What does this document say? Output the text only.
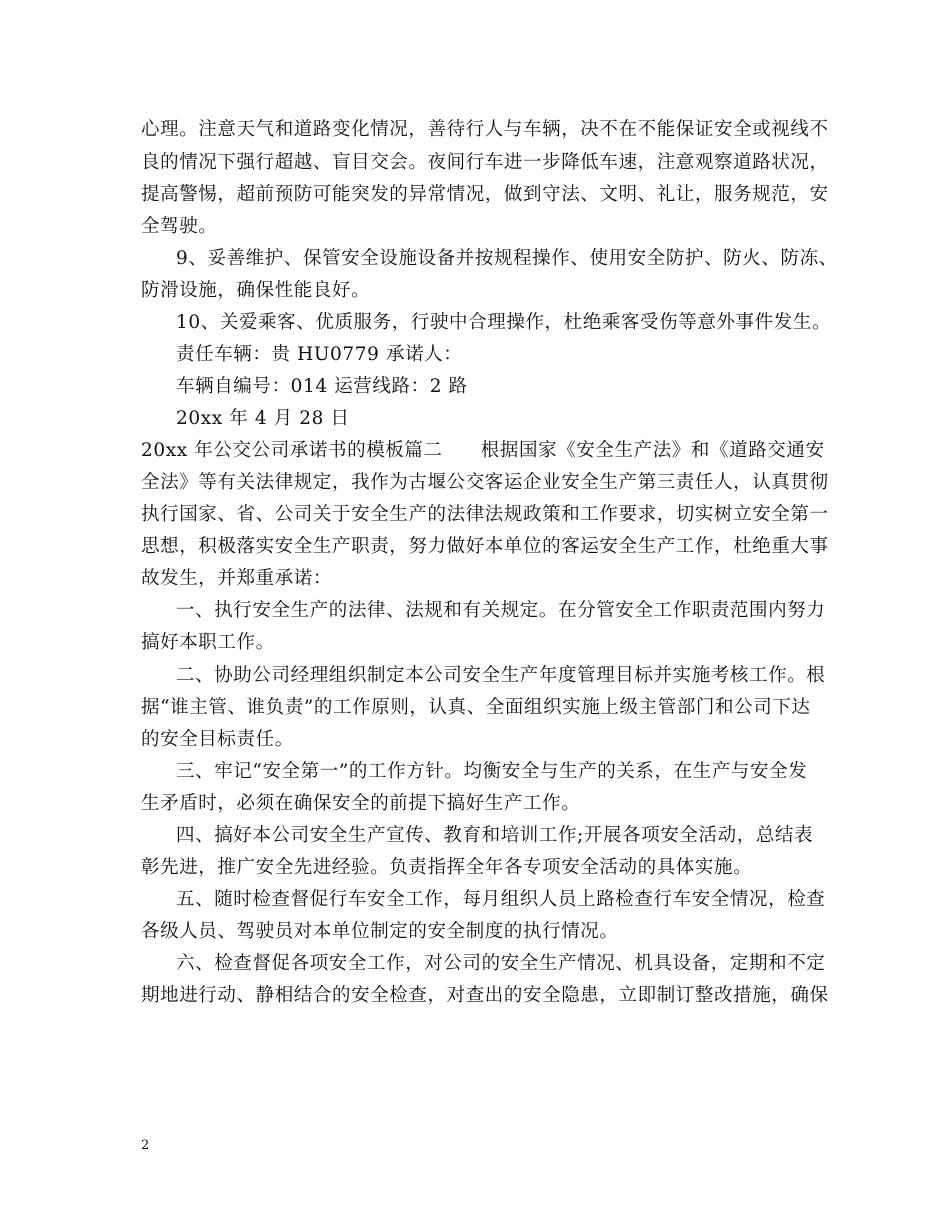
心理。注意天气和道路变化情况，善待行人与车辆，决不在不能保证安全或视线不
良的情况下强行超越、盲目交会。夜间行车进一步降低车速，注意观察道路状况，
提高警惕，超前预防可能突发的异常情况，做到守法、文明、礼让，服务规范，安
全驾驶。
9、妥善维护、保管安全设施设备并按规程操作、使用安全防护、防火、防冻、
防滑设施，确保性能良好。
10、关爱乘客、优质服务，行驶中合理操作，杜绝乘客受伤等意外事件发生。
责任车辆：贵 HU0779 承诺人：
车辆自编号：014 运营线路：2 路
20xx 年 4 月 28 日
20xx 年公交公司承诺书的模板篇二　　根据国家《安全生产法》和《道路交通安
全法》等有关法律规定，我作为古堰公交客运企业安全生产第三责任人，认真贯彻
执行国家、省、公司关于安全生产的法律法规政策和工作要求，切实树立安全第一
思想，积极落实安全生产职责，努力做好本单位的客运安全生产工作，杜绝重大事
故发生，并郑重承诺：
一、执行安全生产的法律、法规和有关规定。在分管安全工作职责范围内努力
搞好本职工作。
二、协助公司经理组织制定本公司安全生产年度管理目标并实施考核工作。根
据“谁主管、谁负责”的工作原则，认真、全面组织实施上级主管部门和公司下达
的安全目标责任。
三、牢记“安全第一”的工作方针。均衡安全与生产的关系，在生产与安全发
生矛盾时，必须在确保安全的前提下搞好生产工作。
四、搞好本公司安全生产宣传、教育和培训工作;开展各项安全活动，总结表
彰先进，推广安全先进经验。负责指挥全年各专项安全活动的具体实施。
五、随时检查督促行车安全工作，每月组织人员上路检查行车安全情况，检查
各级人员、驾驶员对本单位制定的安全制度的执行情况。
六、检查督促各项安全工作，对公司的安全生产情况、机具设备，定期和不定
期地进行动、静相结合的安全检查，对查出的安全隐患，立即制订整改措施，确保
2
